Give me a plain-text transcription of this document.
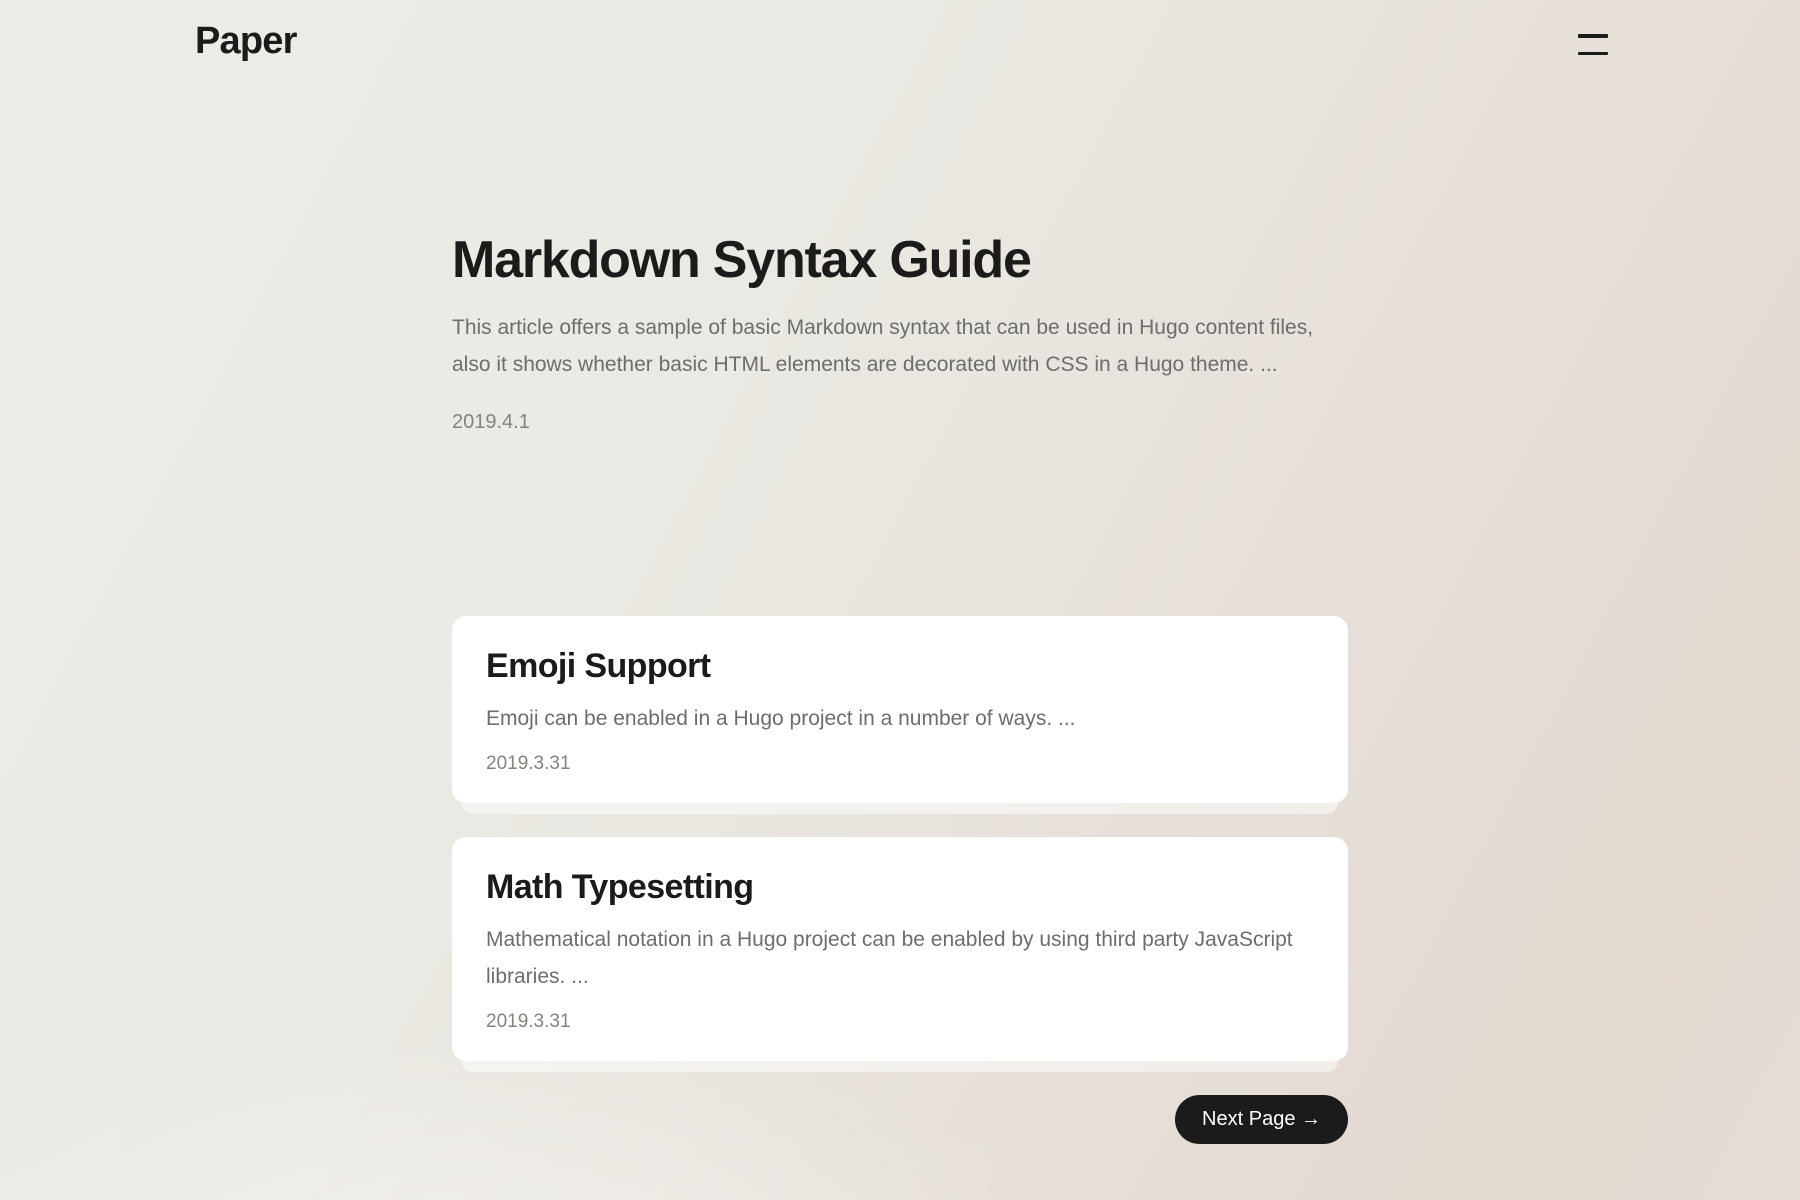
Paper
Markdown Syntax Guide

This article offers a sample of basic Markdown syntax that can be used in Hugo content files, also it shows whether basic HTML elements are decorated with CSS in a Hugo theme. ...

2019.4.1
Emoji Support

Emoji can be enabled in a Hugo project in a number of ways. ...

2019.3.31
Math Typesetting

Mathematical notation in a Hugo project can be enabled by using third party JavaScript libraries. ...

2019.3.31
Next Page →
